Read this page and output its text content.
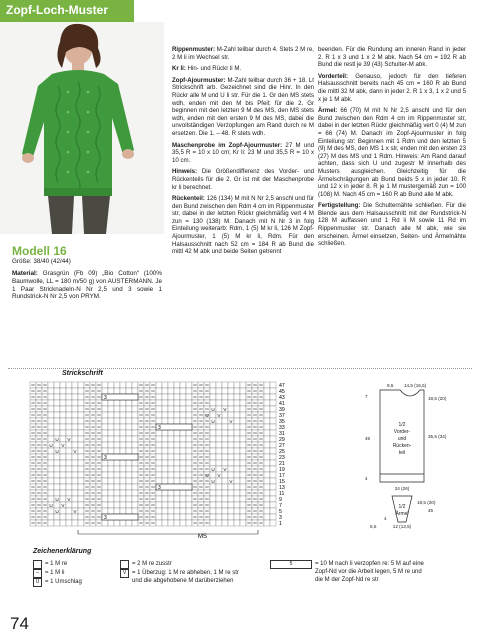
Zopf-Loch-Muster
Modell 16
Größe: 38/40 (42/44)
Material: Grasgrün (Fb 09) „Bio Cotton“ (100% Baumwolle, LL = 180 m/50 g) von AUSTERMANN. Je 1 Paar Stricknadeln-N Nr 2,5 und 3 sowie 1 Rundstrick-N Nr 2,5 von PRYM.

Rippenmuster: M-Zahl teilbar durch 4. Stets 2 M re, 2 M li im Wechsel str.

Kr li: Hin- und Rückr li M.

Zopf-Ajourmuster: M-Zahl teilbar durch 36 + 18. Lt Strickschrift arb. Gezeichnet sind die Hinr. In den Rückr alle M und U li str. Für die 1. Gr den MS stets wdh, enden mit den M bis Pfeil; für die 2. Gr beginnen mit den letzten 9 M des MS, den MS stets wdh, enden mit den ersten 9 M des MS, dabei die unvollständigen Verzopfungen am Rand durch re M ersetzen. Die 1. – 48. R stets wdh.

Maschenprobe im Zopf-Ajourmuster: 27 M und 35,5 R = 10 x 10 cm; Kr li: 23 M und 35,5 R = 10 x 10 cm.

Hinweis: Die Größendifferenz des Vorder- und Rückenteils für die 2. Gr ist mit der Maschenprobe kr li berechnet.

Rückenteil: 126 (134) M mit N Nr 2,5 anschl und für den Bund zwischen den Rdm 4 cm im Rippenmuster str, dabei in der letzten Rückr gleichmäßig vert 4 M zun = 130 (138) M. Danach mit N Nr 3 in folg Einteilung weiterarb: Rdm, 1 (5) M kr li, 126 M Zopf-Ajourmuster, 1 (5) M kr li, Rdm. Für den Halsausschnitt nach 52 cm = 184 R ab Bund die mittl 42 M abk und beide Seiten getrennt

beenden. Für die Rundung am inneren Rand in jeder 2. R 1 x 3 und 1 x 2 M abk. Nach 54 cm = 192 R ab Bund die restl je 39 (43) Schulter-M abk.

Vorderteil: Genauso, jedoch für den tieferen Halsausschnitt bereits nach 45 cm = 160 R ab Bund die mittl 32 M abk, dann in jeder 2. R 1 x 3, 1 x 2 und 5 x je 1 M abk.

Ärmel: 66 (70) M mit N Nr 2,5 anschl und für den Bund zwischen den Rdm 4 cm im Rippenmuster str, dabei in der letzten Rückr gleichmäßig vert 0 (4) M zun = 66 (74) M. Danach im Zopf-Ajourmuster in folg Einteilung str: Beginnen mit 1 Rdm und den letzten 5 (9) M des MS, den MS 1 x str, enden mit den ersten 23 (27) M des MS und 1 Rdm. Hinweis: Am Rand darauf achten, dass sich U und zugestr M innerhalb des Musters ausgleichen. Gleichzeitig für die Ärmelschrägungen ab Bund beids 5 x in jeder 10. R und 12 x in jeder 8. R je 1 M mustergemäß zun = 100 (108) M. Nach 45 cm = 160 R ab Bund alle M abk.

Fertigstellung: Die Schulternähte schließen. Für die Blende aus dem Halsausschnitt mit der Rundstrick-N 128 M auffassen und 1 Rd li M sowie 11 Rd im Rippenmuster str. Danach alle M abk, wie sie erscheinen. Ärmel einsetzen, Seiten- und Ärmelnähte schließen.

Strickschrift
3
3
3
3
3
U V
U V
U	V
U V
U V
U	V
U V
U V
U	V
U V
U V
U	V
47
45
43
41
39
37
35
33
31
29
27
25
23
21
19
17
15
13
11
9
7
5
3
1
MS
1/2 Vorder-und Rücken-teil
1/2 Ärmel
9,5 14,5 (16,5)
7
45
18,5 (20)
35,5 (34)
24 (26)
4
18,5 (20)
45
4
12 (13,5)
6,5
Zeichenerklärung
= 1 M re
–	= 1 M li
U = 1 Umschlag
= 2 M re zusstr
V = 1 Überzug: 1 M re abheben, 1 M re str und die abgehobene M darüberziehen
5	= 10 M nach li verzopfen re: 5 M auf eine Zopf-Nd vor die Arbeit legen, 5 M re und die M der Zopf-Nd re str
74
